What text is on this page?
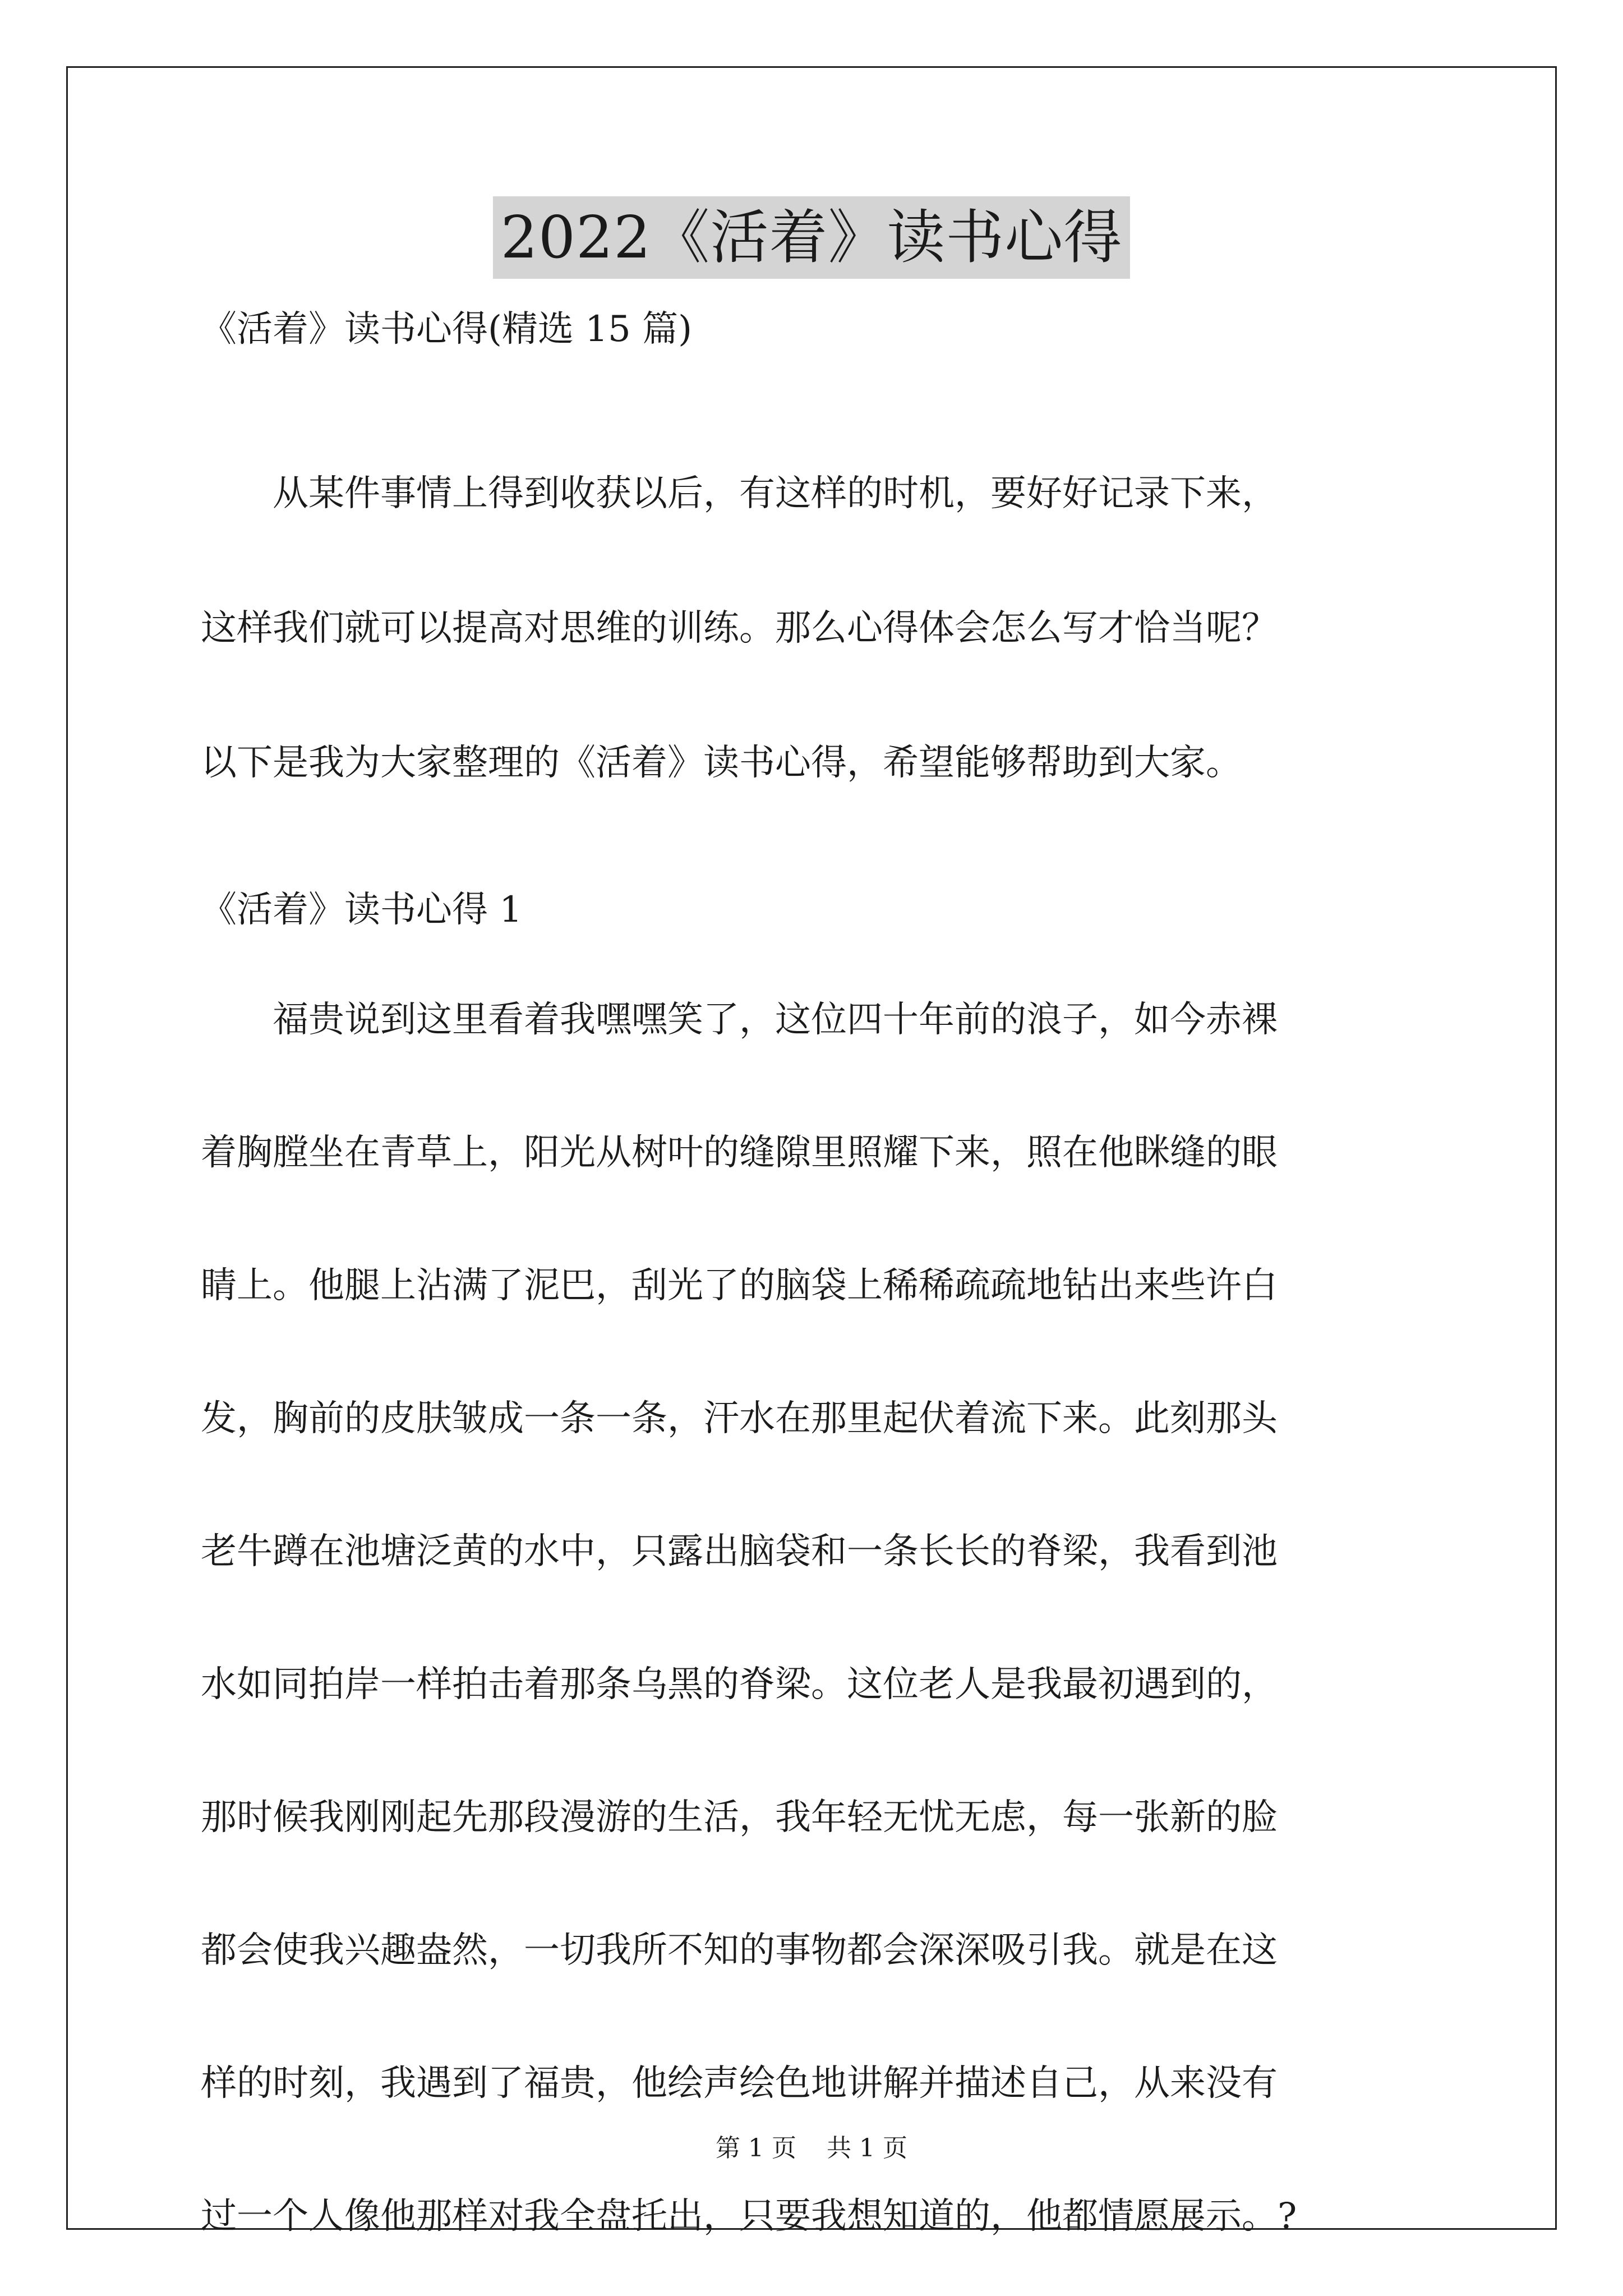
2022《活着》读书心得
《活着》读书心得(精选 15 篇)
从某件事情上得到收获以后，有这样的时机，要好好记录下来，
这样我们就可以提高对思维的训练。那么心得体会怎么写才恰当呢？
以下是我为大家整理的《活着》读书心得，希望能够帮助到大家。
《活着》读书心得 1
福贵说到这里看着我嘿嘿笑了，这位四十年前的浪子，如今赤裸
着胸膛坐在青草上，阳光从树叶的缝隙里照耀下来，照在他眯缝的眼
睛上。他腿上沾满了泥巴，刮光了的脑袋上稀稀疏疏地钻出来些许白
发，胸前的皮肤皱成一条一条，汗水在那里起伏着流下来。此刻那头
老牛蹲在池塘泛黄的水中，只露出脑袋和一条长长的脊梁，我看到池
水如同拍岸一样拍击着那条乌黑的脊梁。这位老人是我最初遇到的，
那时候我刚刚起先那段漫游的生活，我年轻无忧无虑，每一张新的脸
都会使我兴趣盎然，一切我所不知的事物都会深深吸引我。就是在这
样的时刻，我遇到了福贵，他绘声绘色地讲解并描述自己，从来没有
过一个人像他那样对我全盘托出，只要我想知道的，他都情愿展示。?
第 1 页 共 1 页
